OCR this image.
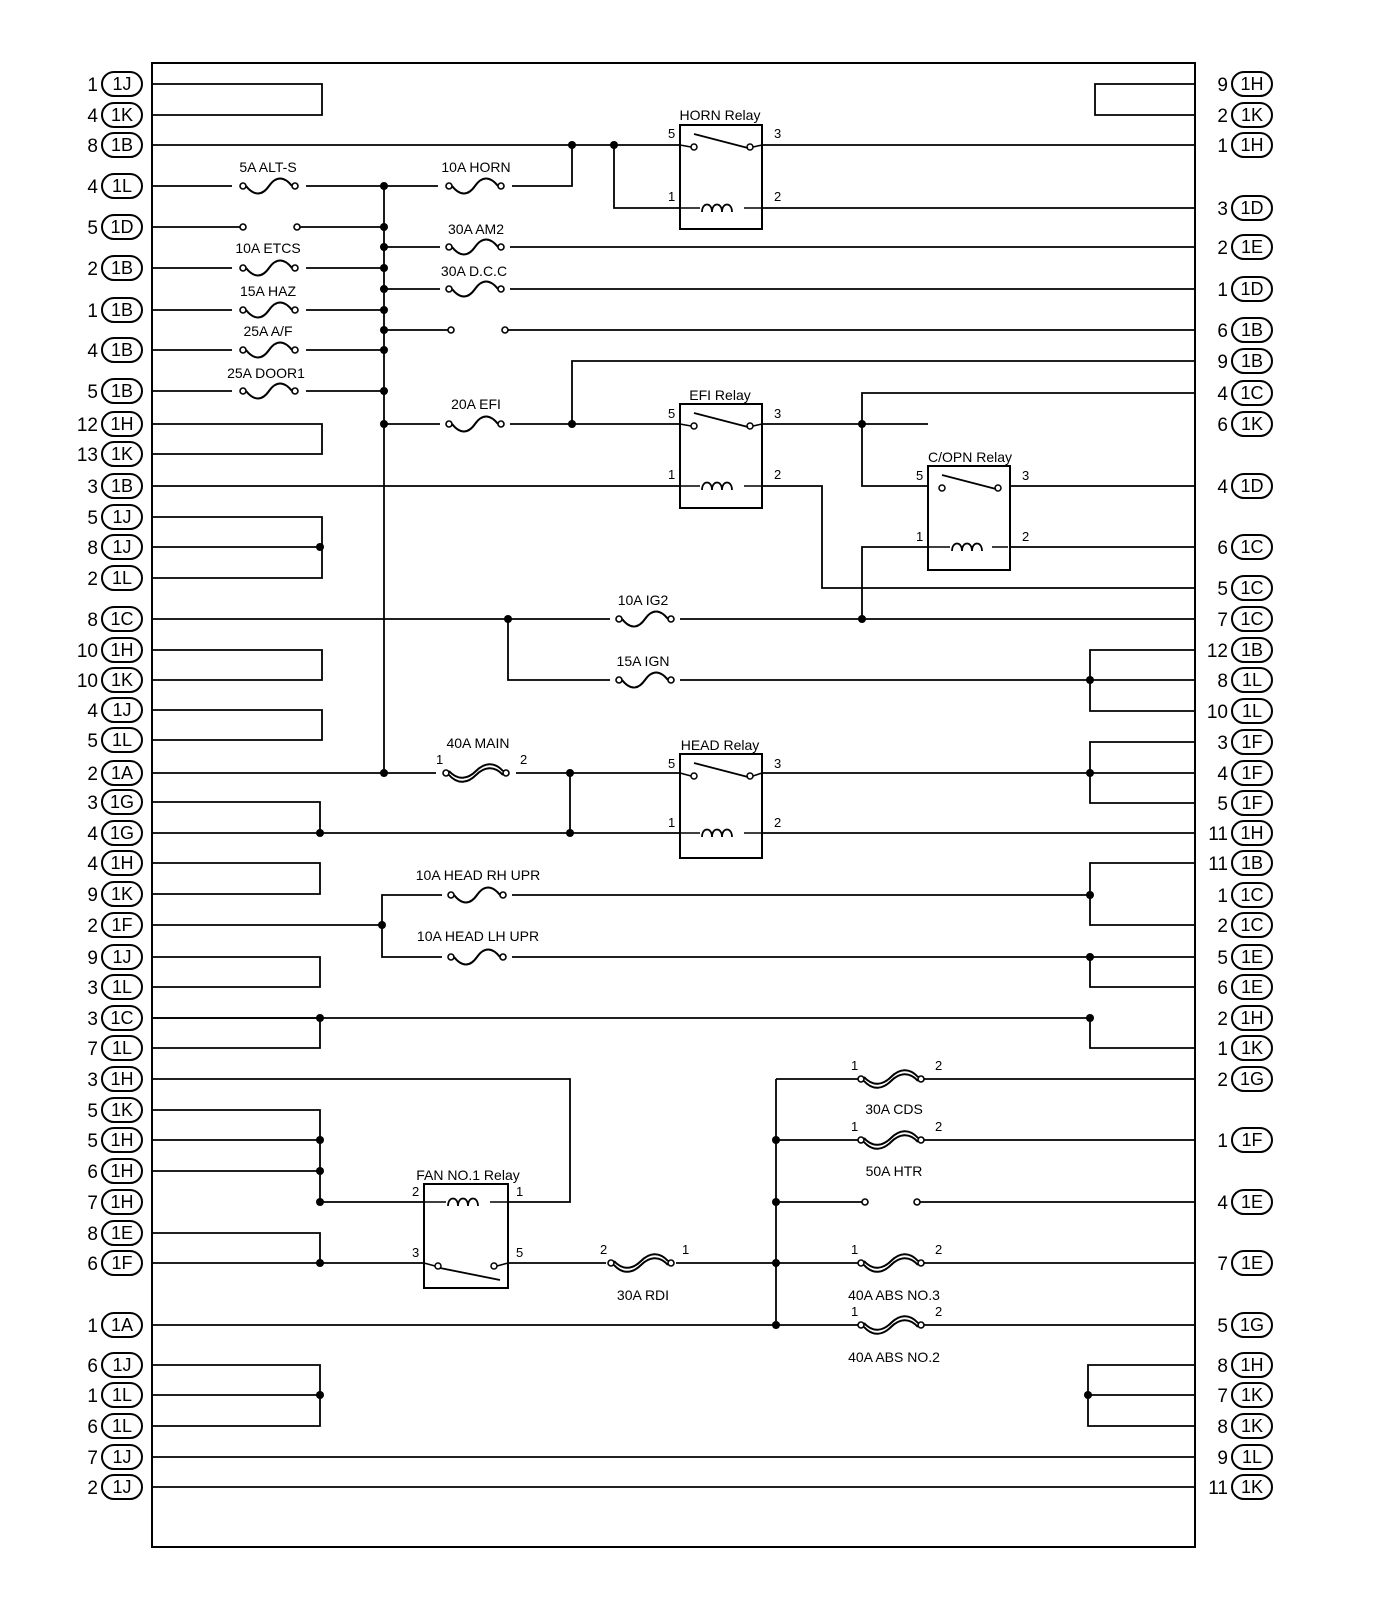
5A ALT-S	10A HORN
30A AM2
10A ETCS
30A D.C.C
15A HAZ
25A A/F
25A DOOR1
20A EFI
10A IG2
15A IGN
40A MAIN
10A HEAD RH UPR
10A HEAD LH UPR
30A RDI
30A CDS
50A HTR
40A ABS NO.3
40A ABS NO.2
1	2
2	1
1	2
1	2
1	2
1	2
HORN Relay
5	3
1	2
EFI Relay
5	3
1	2
C/OPN Relay
5	3
1	2
HEAD Relay
5	3
1	2
FAN NO.1 Relay
2	1
3	5
1 1J
4 1K
8 1B
4 1L
5 1D
2 1B
1 1B
4 1B
5 1B
12 1H
13 1K
3 1B
5 1J
8 1J
2 1L
8 1C
10 1H
10 1K
4 1J
5 1L
2 1A
3 1G
4 1G
4 1H
9 1K
2 1F
9 1J
3 1L
3 1C
7 1L
3 1H
5 1K
5 1H
6 1H
7 1H
8 1E
6 1F
1 1A
6 1J
1 1L
6 1L
7 1J
2 1J
9 1H
2 1K
1 1H
3 1D
2 1E
1 1D
6 1B
9 1B
4 1C
6 1K
4 1D
6 1C
5 1C
7 1C
12 1B
8 1L
10 1L
3 1F
4 1F
5 1F
11 1H
11 1B
1 1C
2 1C
5 1E
6 1E
2 1H
1 1K
2 1G
1 1F
4 1E
7 1E
5 1G
8 1H
7 1K
8 1K
9 1L
11 1K
